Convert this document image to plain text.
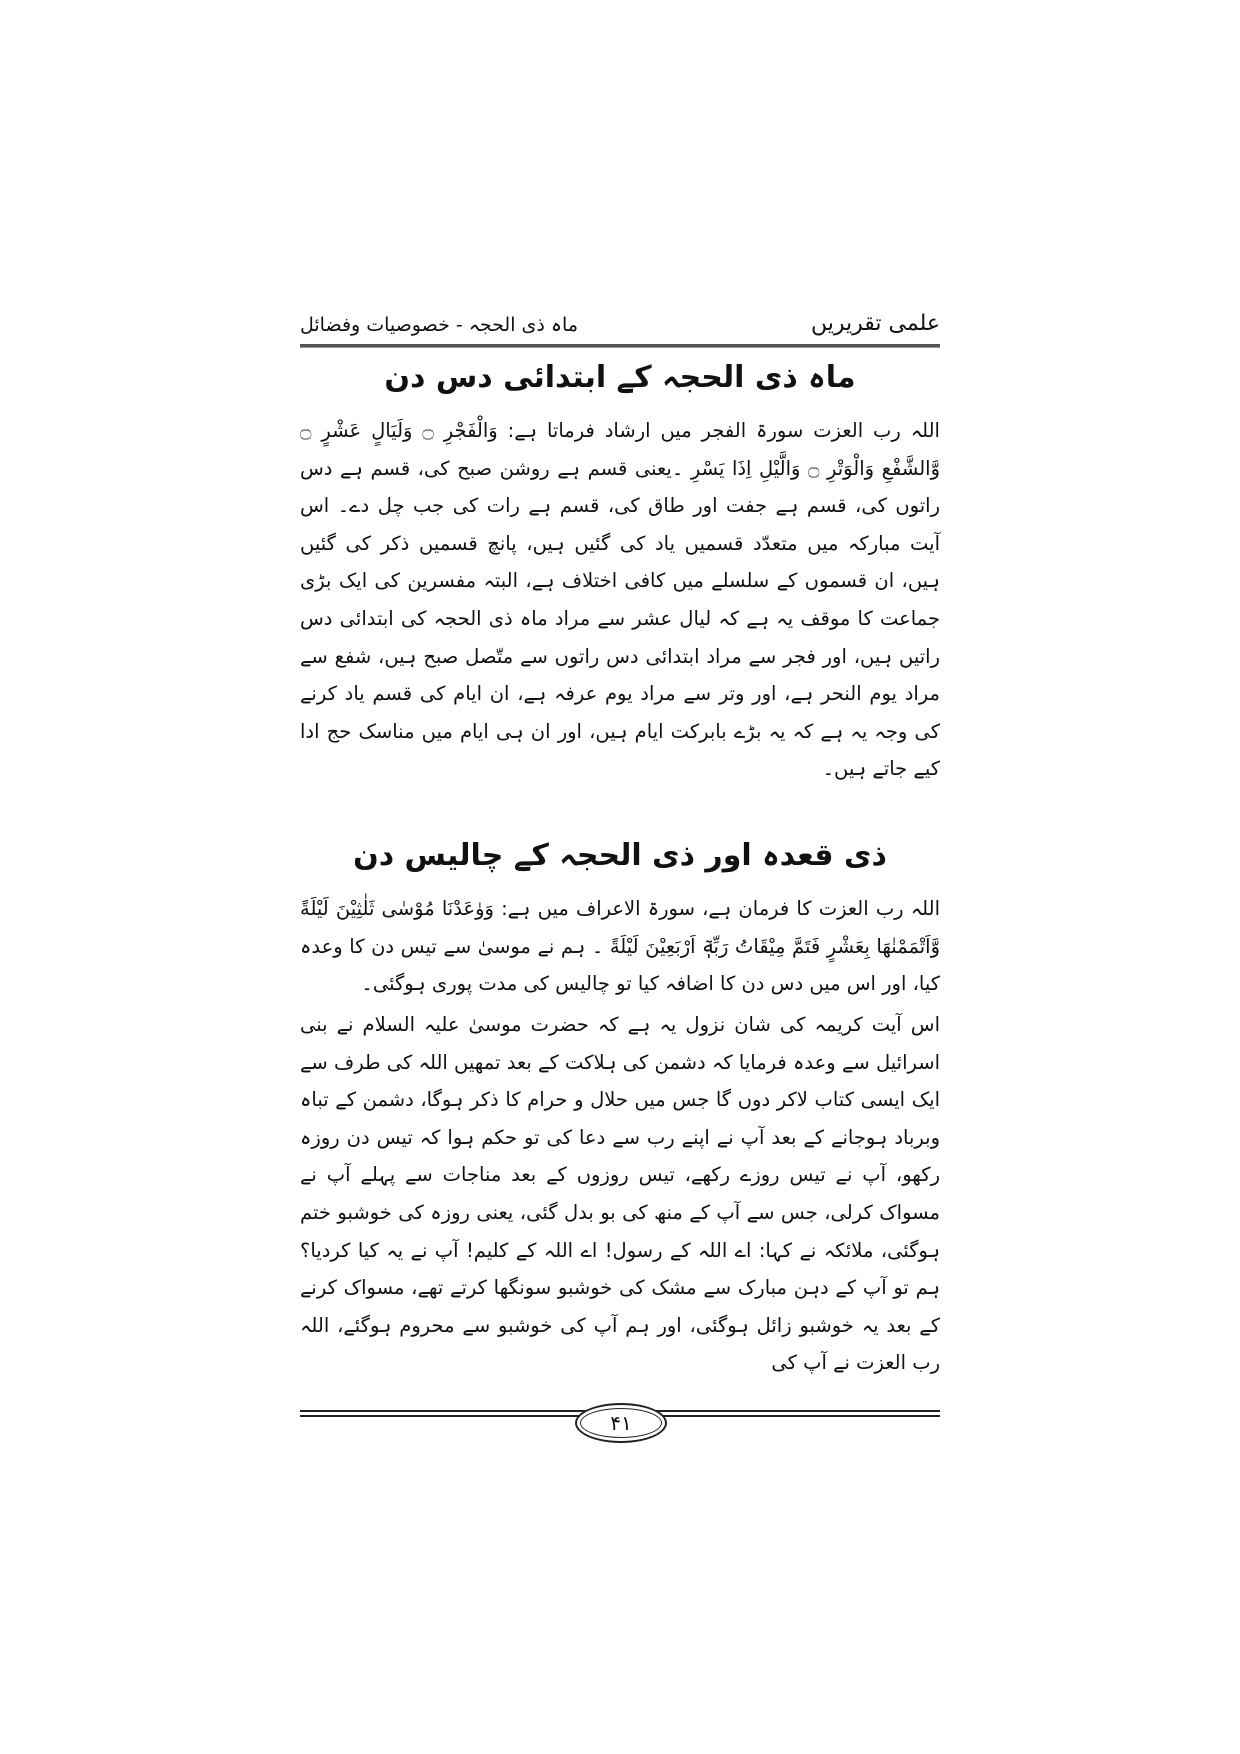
علمی تقریریں
ماہ ذی الحجہ - خصوصیات وفضائل
ماہ ذی الحجہ کے ابتدائی دس دن
اللہ رب العزت سورۃ الفجر میں ارشاد فرماتا ہے: وَالْفَجْرِ ۝ وَلَيَالٍ عَشْرٍ ۝ وَّالشَّفْعِ وَالْوَتْرِ ۝ وَالَّيْلِ اِذَا يَسْرِ ۔یعنی قسم ہے روشن صبح کی، قسم ہے دس راتوں کی، قسم ہے جفت اور طاق کی، قسم ہے رات کی جب چل دے۔ اس آیت مبارکہ میں متعدّد قسمیں یاد کی گئیں ہیں، پانچ قسمیں ذکر کی گئیں ہیں، ان قسموں کے سلسلے میں کافی اختلاف ہے، البتہ مفسرین کی ایک بڑی جماعت کا موقف یہ ہے کہ لیال عشر سے مراد ماہ ذی الحجہ کی ابتدائی دس راتیں ہیں، اور فجر سے مراد ابتدائی دس راتوں سے متّصل صبح ہیں، شفع سے مراد یوم النحر ہے، اور وتر سے مراد یوم عرفہ ہے، ان ایام کی قسم یاد کرنے کی وجہ یہ ہے کہ یہ بڑے بابرکت ایام ہیں، اور ان ہی ایام میں مناسک حج ادا کیے جاتے ہیں۔
ذی قعدہ اور ذی الحجہ کے چالیس دن
اللہ رب العزت کا فرمان ہے، سورۃ الاعراف میں ہے: وَوٰعَدْنَا مُوْسٰى ثَلٰثِيْنَ لَيْلَةً وَّاَتْمَمْنٰهَا بِعَشْرٍ فَتَمَّ مِيْقَاتُ رَبِّهٖٓ اَرْبَعِيْنَ لَيْلَةً ۔ ہم نے موسیٰ سے تیس دن کا وعدہ کیا، اور اس میں دس دن کا اضافہ کیا تو چالیس کی مدت پوری ہوگئی۔
اس آیت کریمہ کی شان نزول یہ ہے کہ حضرت موسیٰ علیہ السلام نے بنی اسرائیل سے وعدہ فرمایا کہ دشمن کی ہلاکت کے بعد تمھیں اللہ کی طرف سے ایک ایسی کتاب لاکر دوں گا جس میں حلال و حرام کا ذکر ہوگا، دشمن کے تباہ وبرباد ہوجانے کے بعد آپ نے اپنے رب سے دعا کی تو حکم ہوا کہ تیس دن روزہ رکھو، آپ نے تیس روزے رکھے، تیس روزوں کے بعد مناجات سے پہلے آپ نے مسواک کرلی، جس سے آپ کے منھ کی بو بدل گئی، یعنی روزہ کی خوشبو ختم ہوگئی، ملائکہ نے کہا: اے اللہ کے رسول! اے اللہ کے کلیم! آپ نے یہ کیا کردیا؟ ہم تو آپ کے دہن مبارک سے مشک کی خوشبو سونگھا کرتے تھے، مسواک کرنے کے بعد یہ خوشبو زائل ہوگئی، اور ہم آپ کی خوشبو سے محروم ہوگئے، اللہ رب العزت نے آپ کی
۴۱
